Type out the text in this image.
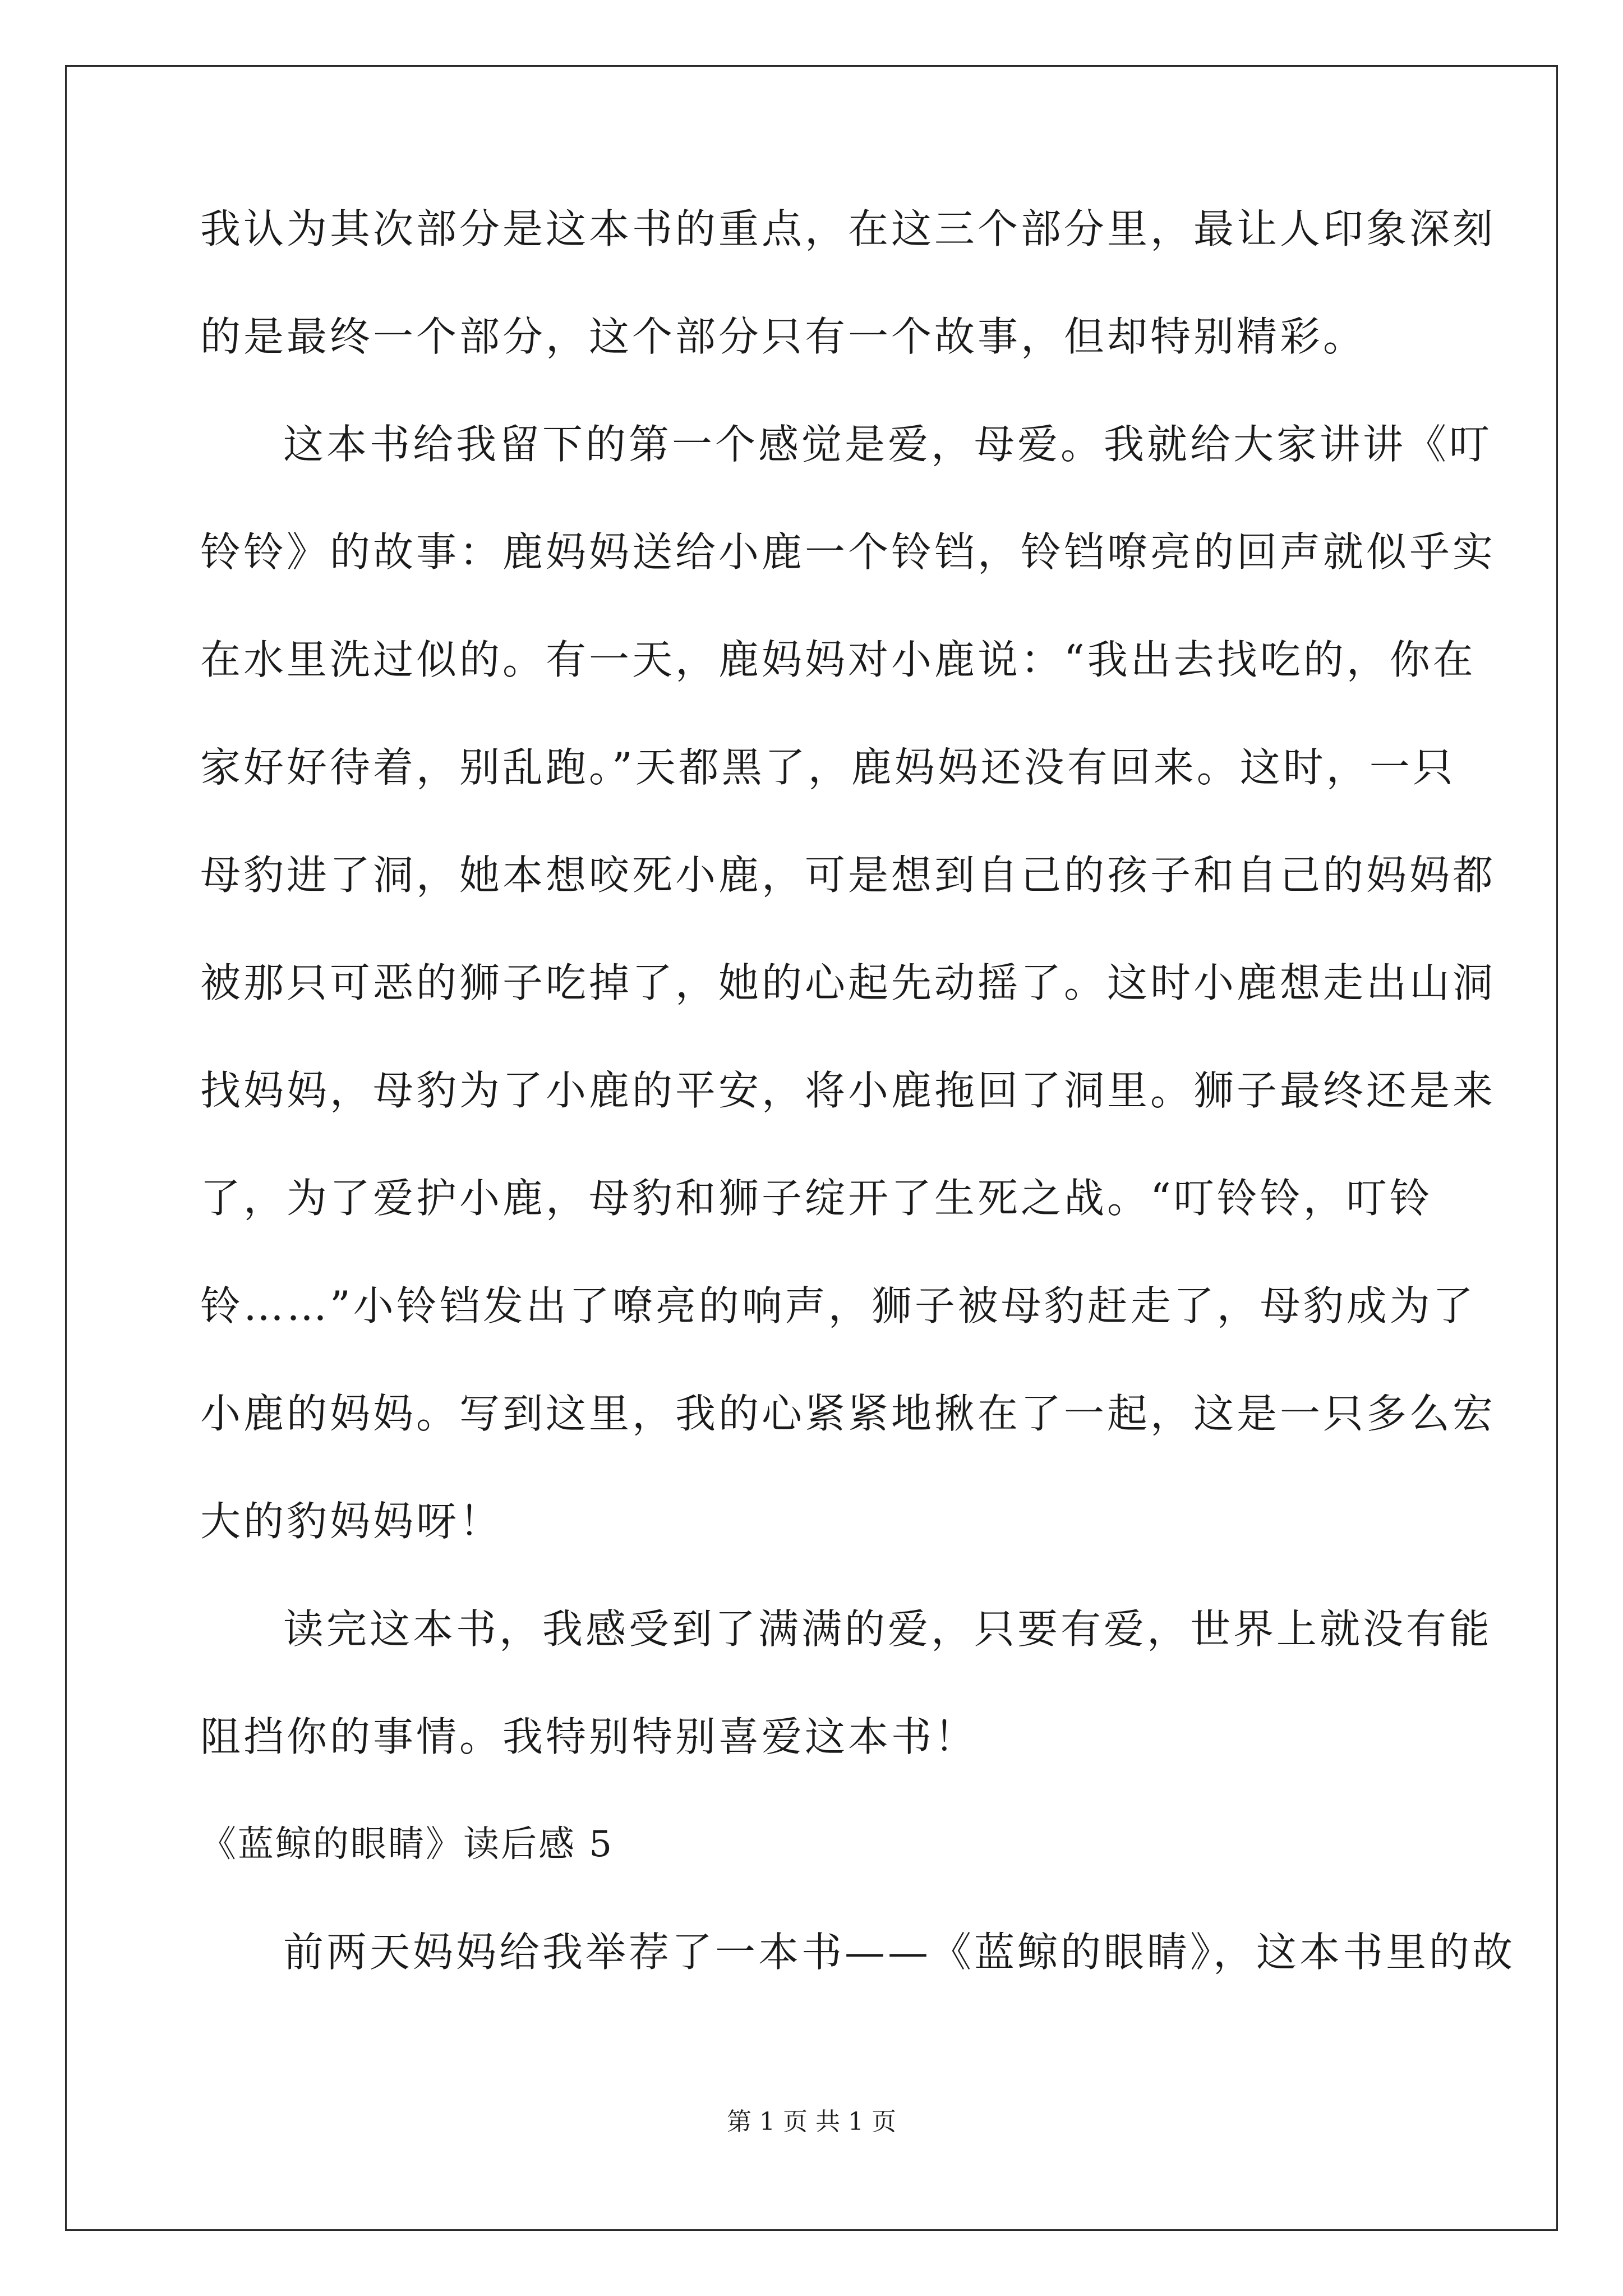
我认为其次部分是这本书的重点，在这三个部分里，最让人印象深刻
的是最终一个部分，这个部分只有一个故事，但却特别精彩。
这本书给我留下的第一个感觉是爱，母爱。我就给大家讲讲《叮
铃铃》的故事：鹿妈妈送给小鹿一个铃铛，铃铛嘹亮的回声就似乎实
在水里洗过似的。有一天，鹿妈妈对小鹿说：“我出去找吃的，你在
家好好待着，别乱跑。”天都黑了，鹿妈妈还没有回来。这时，一只
母豹进了洞，她本想咬死小鹿，可是想到自己的孩子和自己的妈妈都
被那只可恶的狮子吃掉了，她的心起先动摇了。这时小鹿想走出山洞
找妈妈，母豹为了小鹿的平安，将小鹿拖回了洞里。狮子最终还是来
了，为了爱护小鹿，母豹和狮子绽开了生死之战。“叮铃铃，叮铃
铃……”小铃铛发出了嘹亮的响声，狮子被母豹赶走了，母豹成为了
小鹿的妈妈。写到这里，我的心紧紧地揪在了一起，这是一只多么宏
大的豹妈妈呀！
读完这本书，我感受到了满满的爱，只要有爱，世界上就没有能
阻挡你的事情。我特别特别喜爱这本书！
《蓝鲸的眼睛》读后感 5
前两天妈妈给我举荐了一本书——《蓝鲸的眼睛》，这本书里的故
第 1 页 共 1 页
